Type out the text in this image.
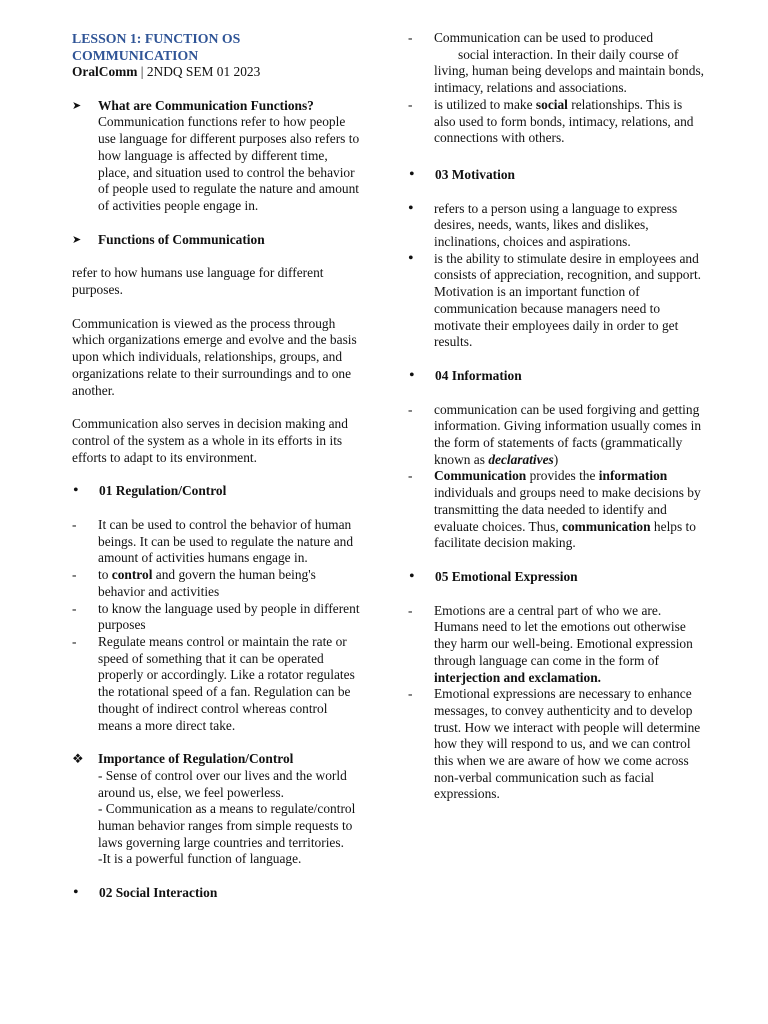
LESSON 1: FUNCTION OS

COMMUNICATION

OralComm | 2NDQ SEM 01 2023

➤	What are Communication Functions?

Communication functions refer to how people use language for different purposes also refers to how language is affected by different time, place, and situation used to control the behavior of people used to regulate the nature and amount of activities people engage in.

➤	Functions of Communication

refer to how humans use language for different purposes.

Communication is viewed as the process through which organizations emerge and evolve and the basis upon which individuals, relationships, groups, and organizations relate to their surroundings and to one another.

Communication also serves in decision making and control of the system as a whole in its efforts in its efforts to adapt to its environment.

•	01 Regulation/Control

-	It can be used to control the behavior of human beings. It can be used to regulate the nature and amount of activities humans engage in.
-	to control and govern the human being's behavior and activities
-	to know the language used by people in different purposes
-	Regulate means control or maintain the rate or speed of something that it can be operated properly or accordingly. Like a rotator regulates the rotational speed of a fan. Regulation can be thought of indirect control whereas control means a more direct take.
❖	Importance of Regulation/Control

- Sense of control over our lives and the world around us, else, we feel powerless.

- Communication as a means to regulate/control human behavior ranges from simple requests to laws governing large countries and territories.

-It is a powerful function of language.

•	02 Social Interaction

-	Communication can be used to produced
social interaction. In their daily course of living, human being develops and maintain bonds, intimacy, relations and associations.
-	is utilized to make social relationships. This is also used to form bonds, intimacy, relations, and connections with others.
•	03 Motivation

•	refers to a person using a language to express desires, needs, wants, likes and dislikes, inclinations, choices and aspirations.
•	is the ability to stimulate desire in employees and consists of appreciation, recognition, and support. Motivation is an important function of communication because managers need to motivate their employees daily in order to get results.
•	04 Information

-	communication can be used forgiving and getting information. Giving information usually comes in the form of statements of facts (grammatically known as declaratives)
-	Communication provides the information individuals and groups need to make decisions by transmitting the data needed to identify and evaluate choices. Thus, communication helps to facilitate decision making.
•	05 Emotional Expression

-	Emotions are a central part of who we are. Humans need to let the emotions out otherwise they harm our well-being. Emotional expression through language can come in the form of interjection and exclamation.
-	Emotional expressions are necessary to enhance messages, to convey authenticity and to develop trust. How we interact with people will determine how they will respond to us, and we can control this when we are aware of how we come across non-verbal communication such as facial expressions.
